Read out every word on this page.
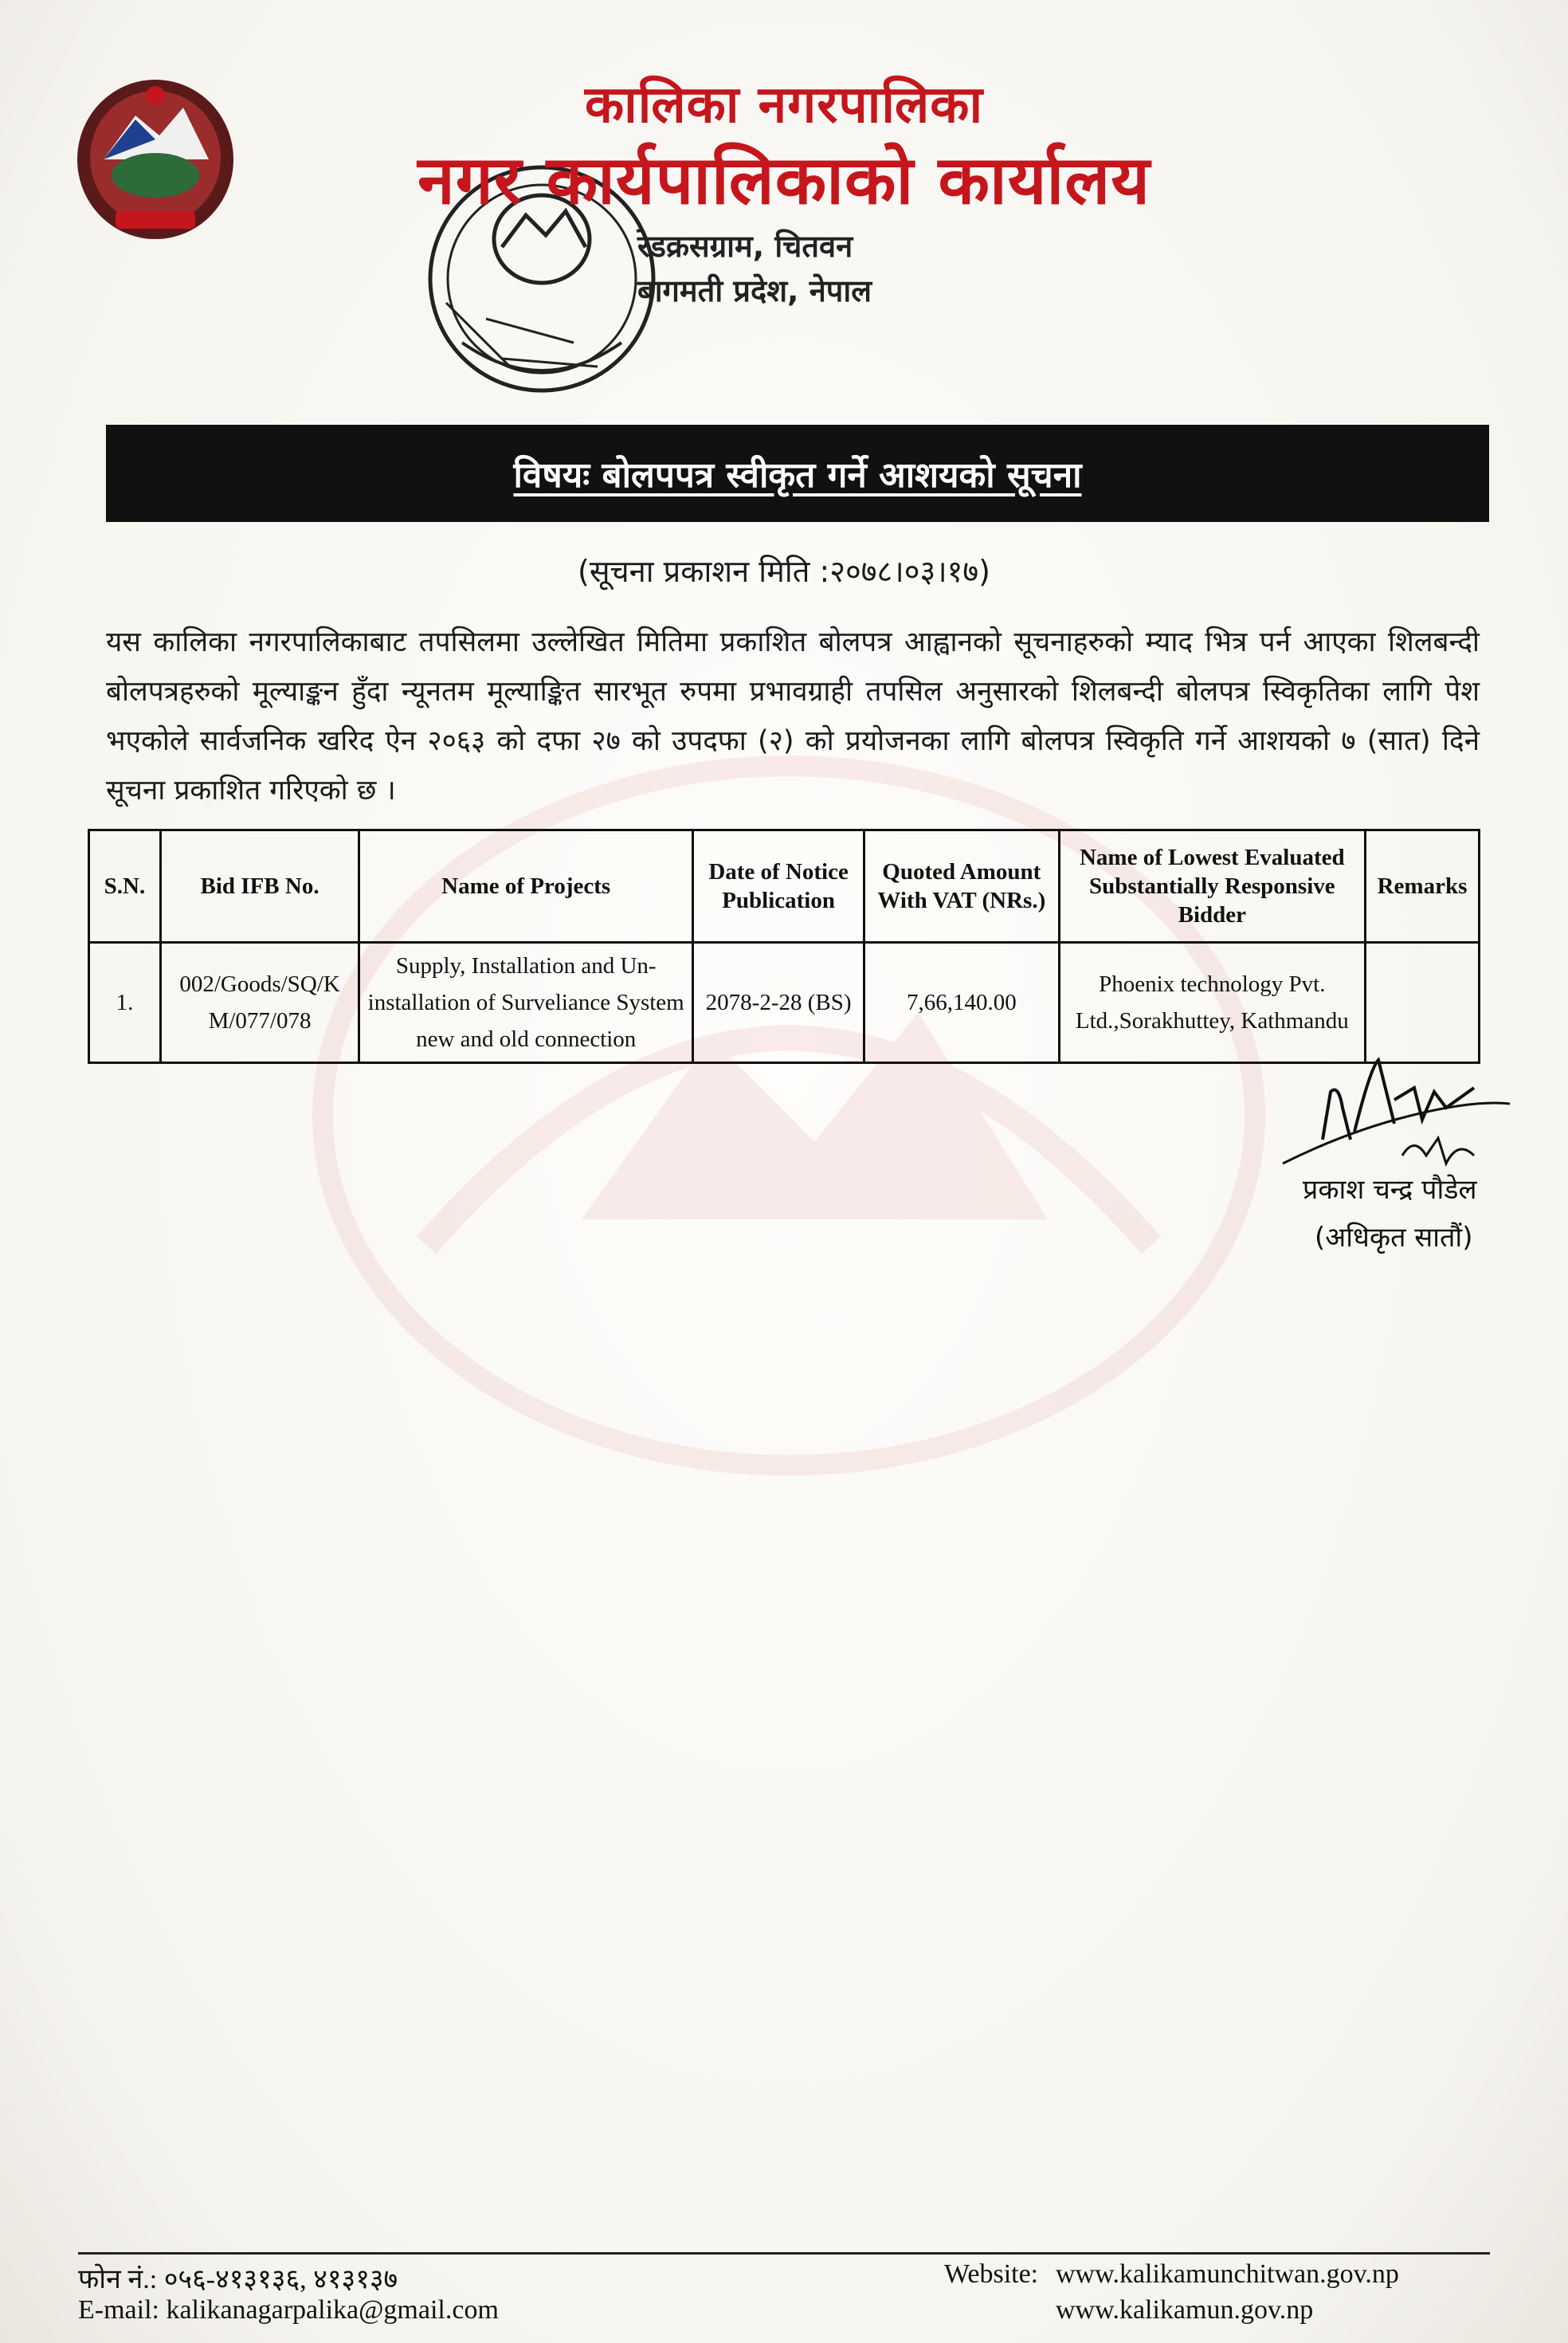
कालिका नगरपालिका
नगर कार्यपालिकाको कार्यालय
रेडक्रसग्राम, चितवन
बागमती प्रदेश, नेपाल
विषयः बोलपपत्र स्वीकृत गर्ने आशयको सूचना
(सूचना प्रकाशन मिति :२०७८।०३।१७)
यस कालिका नगरपालिकाबाट तपसिलमा उल्लेखित मितिमा प्रकाशित बोलपत्र आह्वानको सूचनाहरुको म्याद भित्र पर्न आएका शिलबन्दी बोलपत्रहरुको मूल्याङ्कन हुँदा न्यूनतम मूल्याङ्कित सारभूत रुपमा प्रभावग्राही तपसिल अनुसारको शिलबन्दी बोलपत्र स्विकृतिका लागि पेश भएकोले सार्वजनिक खरिद ऐन २०६३ को दफा २७ को उपदफा (२) को प्रयोजनका लागि बोलपत्र स्विकृति गर्ने आशयको ७ (सात) दिने सूचना प्रकाशित गरिएको छ ।
S.N.	Bid IFB No.	Name of Projects	Date of Notice Publication	Quoted Amount With VAT (NRs.)	Name of Lowest Evaluated Substantially Responsive Bidder	Remarks
1.	002/Goods/SQ/KM/077/078	Supply, Installation and Un-installation of Surveliance System new and old connection	2078-2-28 (BS)	7,66,140.00	Phoenix technology Pvt. Ltd.,Sorakhuttey, Kathmandu	
प्रकाश चन्द्र पौडेल
(अधिकृत सातौं)
फोन नं.: ०५६-४१३१३६, ४१३१३७
E-mail: kalikanagarpalika@gmail.com
Website: www.kalikamunchitwan.gov.np
www.kalikamun.gov.np
